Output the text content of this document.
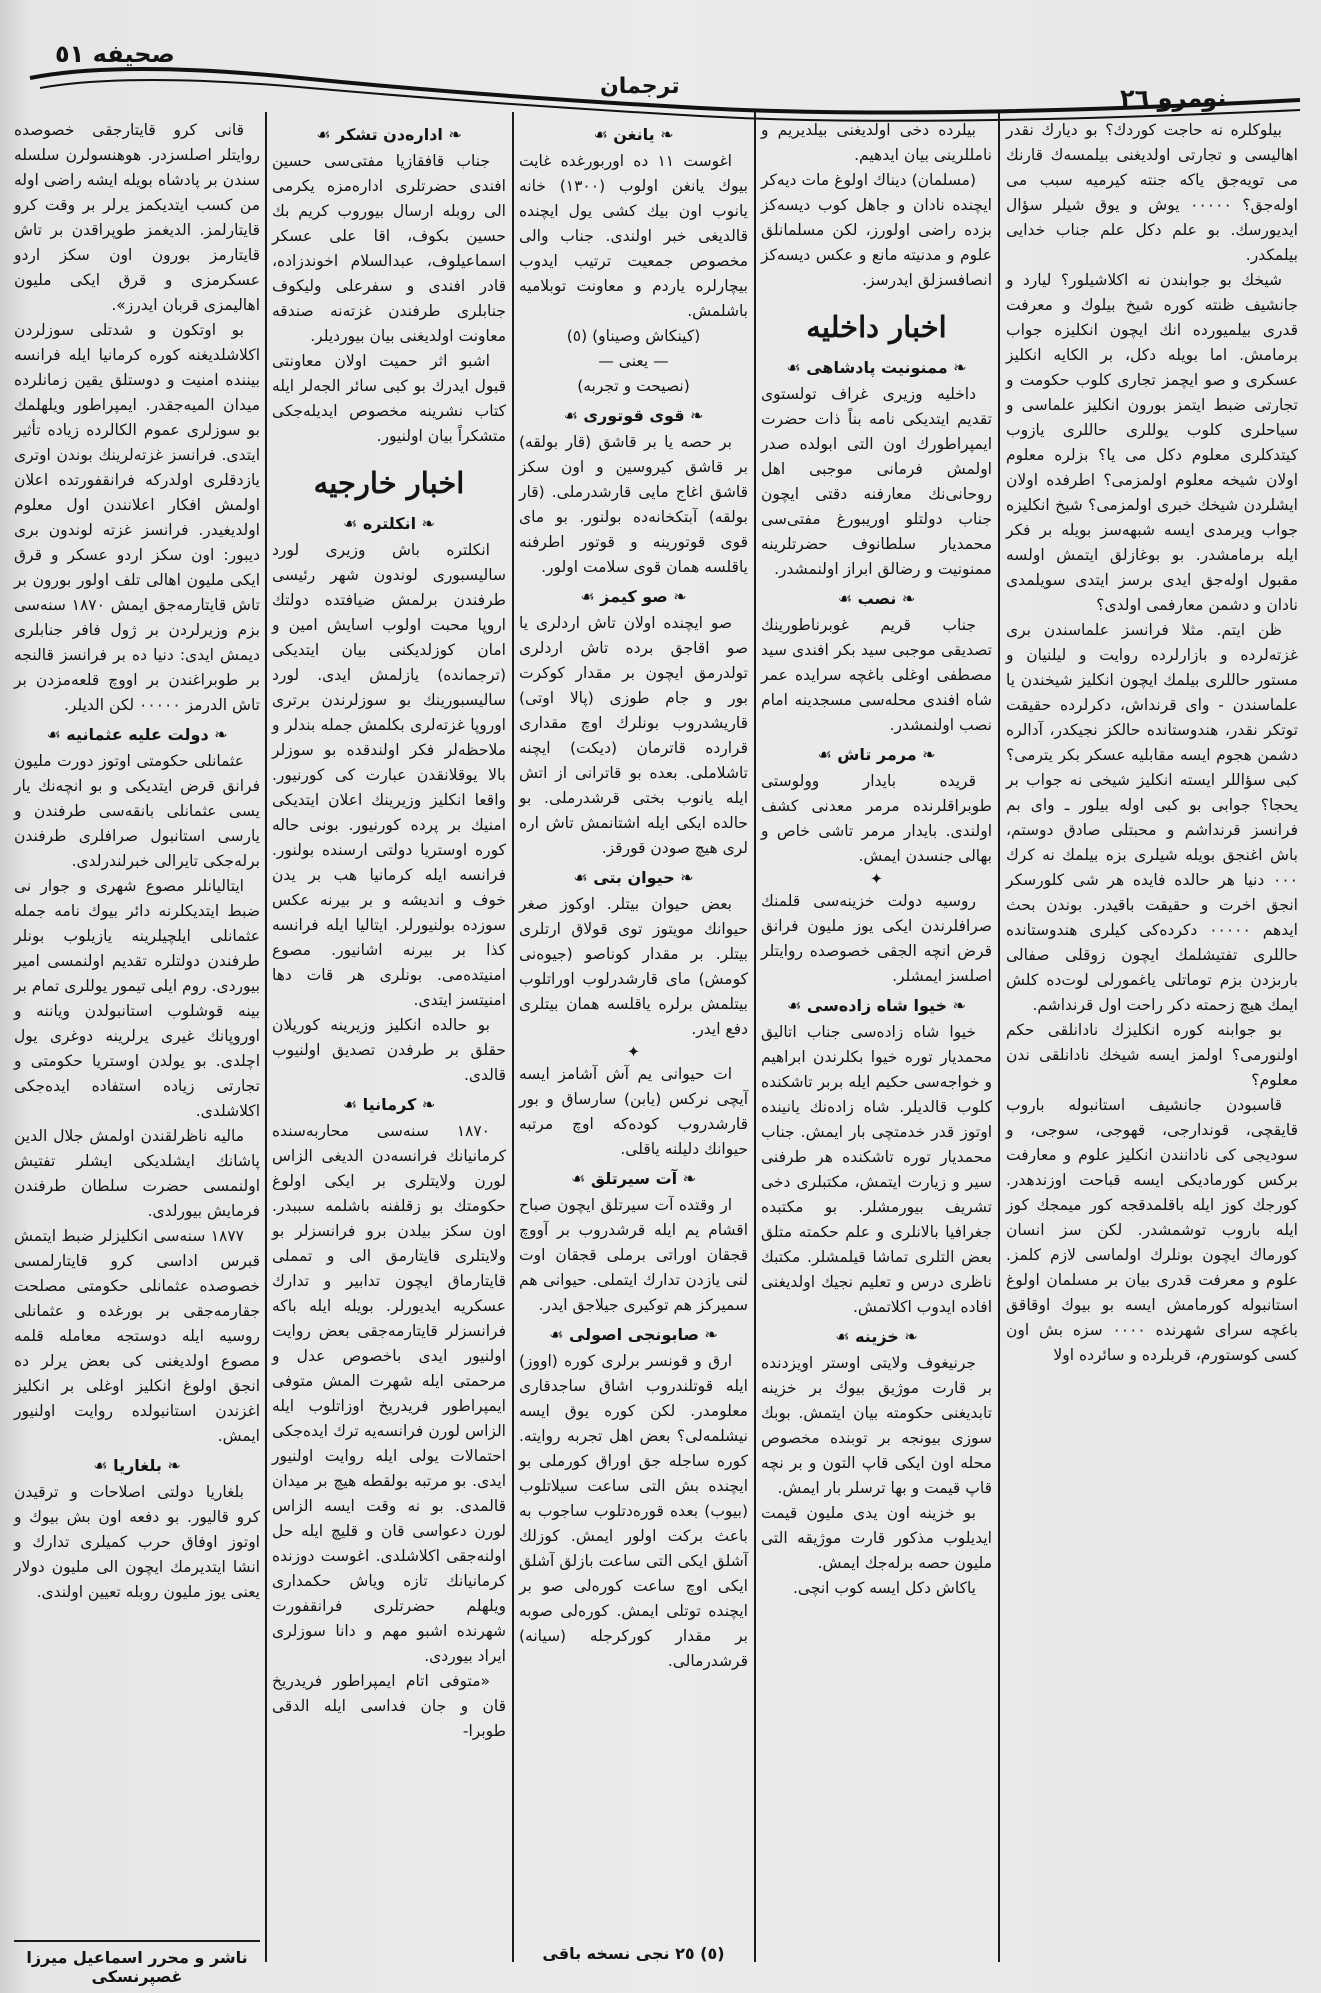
صحيفه ٥١
ترجمان	نومرو ٢٦

قانى كرو قايتارجقى خصوصده روايتلر اصلسزدر. هوهنسولرن سلسله سندن بر پادشاه بويله ايشه راضى اوله من كسب ايتديكمز يرلر بر وقت كرو قايتارلمز. الديغمز طوپراقدن بر تاش قايتارمز بورون اون سكز اردو عسكرمزى و قرق ايكى مليون اهاليمزى قربان ايدرز».

بو اوتكون و شدتلى سوزلردن اكلاشلديغنه كوره كرمانيا ايله فرانسه بيننده امنيت و دوستلق يقين زمانلرده ميدان الميه‌جقدر. ايمپراطور ويلهلمك بو سوزلرى عموم الكالرده زياده تأثير ايتدى. فرانسز غزته‌لرينك بوندن اوترى يازدقلرى اولدركه فرانقفورتده اعلان اولمش افكار اعلانندن اول معلوم اولديغيدر. فرانسز غزته لوندون برى ديبور: اون سكز اردو عسكر و قرق ايكى مليون اهالى تلف اولور بورون بر تاش قايتارمه‌جق ايمش ١٨٧٠ سنه‌سى بزم وزيرلردن بر ژول فافر جنابلرى ديمش ايدى: دنيا ده بر فرانسز قالنجه بر طوبراغندن بر اووچ قلعه‌مزدن بر تاش الدرمز ٠٠٠٠٠ لكن الديلر.

❧ دولت عليه عثمانيه ☙

عثمانلى حكومتى اوتوز دورت مليون فرانق قرض ايتديكى و بو انچه‌نك يار يسى عثمانلى بانقه‌سى طرفندن و يارسى استانبول صرافلرى طرفندن برله‌جكى تايرالى خبرلندرلدى.

ايتاليانلر مصوع شهرى و جوار نى ضبط ايتديكلرنه دائر بيوك نامه جمله عثمانلى ايلچيلرينه يازيلوب بونلر طرفندن دولتلره تقديم اولنمسى امير بيوردى. روم ايلى تيمور يوللرى تمام بر بينه قوشلوب استانبولدن وياننه و اوروپانك غيرى يرلرينه دوغرى يول اچلدى. بو يولدن اوستريا حكومتى و تجارتى زياده استفاده ايده‌جكى اكلاشلدى.

ماليه ناظرلقندن اولمش جلال الدين پاشانك ايشلديكى ايشلر تفتيش اولنمسى حضرت سلطان طرفندن فرمايش بيورلدى.

١٨٧٧ سنه‌سى انكليزلر ضبط ايتمش قبرس اداسى كرو قايتارلمسى خصوصده عثمانلى حكومتى مصلحت جقارمه‌جقى بر بورغده و عثمانلى روسيه ايله دوستجه معامله قلمه مصوع اولديغنى كى بعض يرلر ده انجق اولوغ انكليز اوغلى بر انكليز اغزندن استانبولده روايت اولنيور ايمش.

❧ بلغاريا ☙

بلغاريا دولتى اصلاحات و ترقيدن كرو قاليور. بو دفعه اون بش بيوك و اوتوز اوفاق حرب كميلرى تدارك و انشا ايتديرمك ايچون الى مليون دولار يعنى يوز مليون روبله تعيين اولندى.

❧ ادارەدن تشكر ☙

جناب قافقازيا مفتى‌سى حسين افندى حضرتلرى ادارەمزه يكرمى الى روبله ارسال بيوروب كريم بك حسين بكوف، اقا على عسكر اسماعيلوف، عبدالسلام اخوندزاده، قادر افندى و سفرعلى وليكوف جنابلرى طرفندن غزته‌نه صندقه معاونت اولديغنى بيان بيورديلر.

اشبو اثر حميت اولان معاونتى قبول ايدرك بو كبى سائر الجه‌لر ايله كتاب نشرينه مخصوص ايديله‌جكى متشكراً بيان اولنيور.

اخبار خارجيه
❧ انكلتره ☙

انكلتره باش وزيرى لورد ساليسبورى لوندون شهر رئيسى طرفندن برلمش ضيافتده دولتك اروپا محبت اولوب اسايش امين و امان كوزلديكنى بيان ايتديكى (ترجمانده) يازلمش ايدى. لورد ساليسبورينك بو سوزلرندن برترى اوروپا غزته‌لرى بكلمش جمله بندلر و ملاحظه‌لر فكر اولندقده بو سوزلر بالا يوقلانقدن عبارت كى كورنيور. واقعا انكليز وزيرينك اعلان ايتديكى امنيك بر پرده كورنيور. بونى حاله كوره اوستريا دولتى ارسنده بولنور. فرانسه ايله كرمانيا هب بر يدن خوف و انديشه و بر بيرنه عكس سوزده بولنيورلر. ايتاليا ايله فرانسه كذا بر بيرنه اشانيور. مصوع امنيتده‌مى. بونلرى هر قات دها امنيتسز ايتدى.

بو حالده انكليز وزيرينه كوريلان حقلق بر طرفدن تصديق اولنيوب قالدى.

❧ كرمانيا ☙

١٨٧٠ سنه‌سى محاربه‌سنده كرمانيانك فرانسه‌دن الديغى الزاس لورن ولايتلرى بر ايكى اولوغ حكومتك بو زقلفنه باشلمه سببدر. اون سكز بيلدن برو فرانسزلر بو ولايتلرى قايتارمق الى و تمملى قايتارماق ايچون تدابير و تدارك عسكريه ايديورلر. بويله ايله باكه فرانسزلر قايتارمه‌جقى بعض روايت اولنيور ايدى باخصوص عدل و مرحمتى ايله شهرت المش متوفى ايمپراطور فريدريخ اوزاتلوب ايله الزاس لورن فرانسه‌يه ترك ايده‌جكى احتمالات يولى ايله روايت اولنيور ايدى. بو مرتبه بولقطه هيچ بر ميدان قالمدى. بو نه وقت ايسه الزاس لورن دعواسى قان و قليچ ايله حل اولنه‌جقى اكلاشلدى. اغوست دوزنده كرمانيانك تازه وياش حكمدارى ويلهلم حضرتلرى فرانقفورت شهرنده اشبو مهم و دانا سوزلرى ايراد بيوردى.

«متوفى اتام ايمپراطور فريدريخ قان و جان فداسى ايله الدقى طوبرا-

❧ يانغن ☙

اغوست ١١ ده اوربورغده غايت بيوك يانغن اولوب (١٣٠٠) خانه يانوب اون بيك كشى يول ايچنده قالديغى خبر اولندى. جناب والى مخصوص جمعيت ترتيب ايدوب بيچارلره ياردم و معاونت توبلاميه باشلمش.

(كينكاش وصيناو) (٥)

— يعنى —

(نصيحت و تجربه)

❧ قوى قوتورى ☙

بر حصه يا بر قاشق (قار بولقه) بر قاشق كيروسين و اون سكز قاشق اغاج مايى قارشدرملى. (قار بولقه) آبتكخانه‌ده بولنور. بو ماى قوى قوتورينه و قوتور اطرفنه ياقلسه همان قوى سلامت اولور.

❧ صو كيمز ☙

صو ايچنده اولان تاش اردلرى يا صو اقاجق برده تاش اردلرى تولدرمق ايچون بر مقدار كوكرت بور و جام طوزى (پالا اوتى) قاريشدروب بونلرك اوچ مقدارى قرارده قاترمان (ديكت) ايچنه تاشلاملى. بعده بو قاترانى از اتش ايله يانوب بختى قرشدرملى. بو حالده ايكى ايله اشتانمش تاش اره لرى هيچ صودن قورقز.

❧ حيوان بتى ☙

بعض حيوان بيتلر. اوكوز صغر حيوانك مويتوز توى قولاق ارتلرى بيتلر. بر مقدار كوناصو (جيوه‌نى كومش) ماى قارشدرلوب اوراتلوب بيتلمش برلره ياقلسه همان بيتلرى دفع ايدر.

✦

ات حيوانى يم آش آشامز ايسه آيچى نركس (يابن) سارساق و بور قارشدروب كوده‌كه اوچ مرتبه حيوانك دليلنه ياقلى.

❧ آت سيرتلق ☙

ار وقتده آت سيرتلق ايچون صباح اقشام يم ايله قرشدروب بر آووچ قجقان اوراتى برملى قجقان اوت لنى يازدن تدارك ايتملى. حيوانى هم سميركز هم توكيرى جيلاجق ايدر.

❧ صابونجى اصولى ☙

ارق و قونسر برلرى كوره (اووز) ايله قوتلندروب اشاق ساجدقارى معلومدر. لكن كوره يوق ايسه نيشلمه‌لى؟ بعض اهل تجربه روايته. كوره ساجله جق اوراق كورملى بو ايچنده بش التى ساعت سيلاتلوب (بيوب) بعده قوره‌دتلوب ساجوب به باعث بركت اولور ايمش. كوزلك آشلق ايكى التى ساعت بازلق آشلق ايكى اوچ ساعت كوره‌لى صو بر ايچنده توتلى ايمش. كوره‌لى صوبه بر مقدار كوركرجله (سيانه) قرشدرمالى.

بيلرده دخى اولديغنى بيلديريم و نامللرينى بيان ايدهيم.

(مسلمان) ديناك اولوغ مات ديه‌كر ايچنده نادان و جاهل كوب ديسه‌كز بزده راضى اولورز، لكن مسلمانلق علوم و مدنيته مانع و عكس ديسه‌كز انصافسزلق ايدرسز.

اخبار داخليه
❧ ممنونيت پادشاهى ☙

داخليه وزيرى غراف تولستوى تقديم ايتديكى نامه بناً ذات حضرت ايمپراطورك اون التى ابولده صدر اولمش فرمانى موجبى اهل روحانى‌نك معارفنه دقتى ايچون جناب دولتلو اوريبورغ مفتى‌سى محمديار سلطانوف حضرتلرينه ممنونيت و رضالق ابراز اولنمشدر.

❧ نصب ☙

جناب قريم غوبرناطورينك تصديقى موجبى سيد بكر افندى سيد مصطفى اوغلى باغچه سرايده عمر شاه افندى محله‌سى مسجدينه امام نصب اولنمشدر.

❧ مرمر تاش ☙

قريده بايدار وولوستى طوبراقلرنده مرمر معدنى كشف اولندى. بايدار مرمر تاشى خاص و بهالى جنسدن ايمش.

✦

روسيه دولت خزينه‌سى قلمنك صرافلرندن ايكى يوز مليون فرانق قرض انچه الجقى خصوصده روايتلر اصلسز ايمشلر.

❧ خيوا شاه زاده‌سى ☙

خيوا شاه زاده‌سى جناب اتاليق محمديار توره خيوا بكلرندن ابراهيم و خواجه‌سى حكيم ايله بربر تاشكنده كلوب قالديلر. شاه زاده‌نك يانينده اوتوز قدر خدمتچى بار ايمش. جناب محمديار توره تاشكنده هر طرفنى سير و زيارت ايتمش، مكتبلرى دخى تشريف بيورمشلر. بو مكتبده جغرافيا بالانلرى و علم حكمته متلق بعض التلرى تماشا قيلمشلر. مكتبك ناظرى درس و تعليم نجيك اولديغنى افاده ايدوب اكلاتمش.

❧ خزينه ☙

جرنيغوف ولايتى اوستر اويزدنده بر قارت موژيق بيوك بر خزينه تابديغنى حكومته بيان ايتمش. بوبك سوزى بيونجه بر توبنده مخصوص محله اون ايكى قاپ التون و بر نچه قاپ قيمت و بها ترسلر بار ايمش.

بو خزينه اون يدى مليون قيمت ايديلوب مذكور قارت موژيقه التى مليون حصه برله‌جك ايمش.

ياكاش دكل ايسه كوب انچى.

بيلوكلره نه حاجت كوردك؟ بو ديارك نقدر اهاليسى و تجارتى اولديغنى بيلمسه‌ك قارنك مى تويه‌جق ياكه جنته كيرميه سبب مى اوله‌جق؟ ٠٠٠٠٠ يوش و يوق شيلر سؤال ايديورسك. بو علم دكل علم جناب خدايى بيلمكدر.

شيخك بو جوابندن نه اكلاشيلور؟ ليارد و جانشيف ظنته كوره شيخ بيلوك و معرفت قدرى بيلميورده انك ايچون انكليزه جواب برمامش. اما بويله دكل، بر الكايه انكليز عسكرى و صو ايچمز تجارى كلوب حكومت و تجارتى ضبط ايتمز بورون انكليز علماسى و سياحلرى كلوب يوللرى حاللرى يازوب كيتدكلرى معلوم دكل مى يا؟ بزلره معلوم اولان شيخه معلوم اولمزمى؟ اطرفده اولان ايشلردن شيخك خبرى اولمزمى؟ شيخ انكليزه جواب ويرمدى ايسه شبهه‌سز بويله بر فكر ايله برمامشدر. بو بوغازلق ايتمش اولسه مقبول اوله‌جق ايدى برسز ايتدى سويلمدى نادان و دشمن معارفمى اولدى؟

ظن ايتم. مثلا فرانسز علماسندن برى غزته‌لرده و بازارلرده روايت و ليلنيان و مستور حاللرى بيلمك ايچون انكليز شيخندن يا علماسندن - واى قرنداش، دكرلرده حقيقت توتكر نقدر، هندوستانده حالكز نجيكدر، آدالره دشمن هجوم ايسه مقابليه عسكر بكر يترمى؟ كبى سؤاللر ايسته انكليز شيخى نه جواب بر يحجا؟ جوابى بو كبى اوله بيلور ـ واى بم فرانسز قرنداشم و محبتلى صادق دوستم، باش اغنجق بويله شيلرى بزه بيلمك نه كرك ٠٠٠ دنيا هر حالده فايده هر شى كلورسكر انجق اخرت و حقيقت باقيدر. بوندن بحث ايدهم ٠٠٠٠٠ دكرده‌كى كيلرى هندوستانده حاللرى تفتيشلمك ايچون زوقلى صفالى باربزدن بزم توماتلى ياغمورلى لوت‌ده كلش ايمك هيچ زحمته دكر راحت اول قرنداشم.

بو جوابنه كوره انكليزك نادانلقى حكم اولنورمى؟ اولمز ايسه شيخك نادانلقى ندن معلوم؟

قاسبودن جانشيف استانبوله باروب قايقچى، قوندارجى، قهوجى، سوجى، و سوديجى كى نادانندن انكليز علوم و معارفت بركس كورماديكى ايسه قباحت اوزندهدر. كورجك كوز ايله باقلمدقجه كور ميمجك كوز ايله باروب توشمشدر. لكن سز انسان كورماك ايچون بونلرك اولماسى لازم كلمز. علوم و معرفت قدرى بيان بر مسلمان اولوغ استانبوله كورمامش ايسه بو بيوك اوقاقق باغچه سراى شهرنده ٠٠٠٠ سزه بش اون كسى كوستورم، قربلرده و سائرده اولا

ناشر و محرر اسماعيل ميرزا غصپرنسكى
(٥) ٢٥ نجى نسخه باقى
